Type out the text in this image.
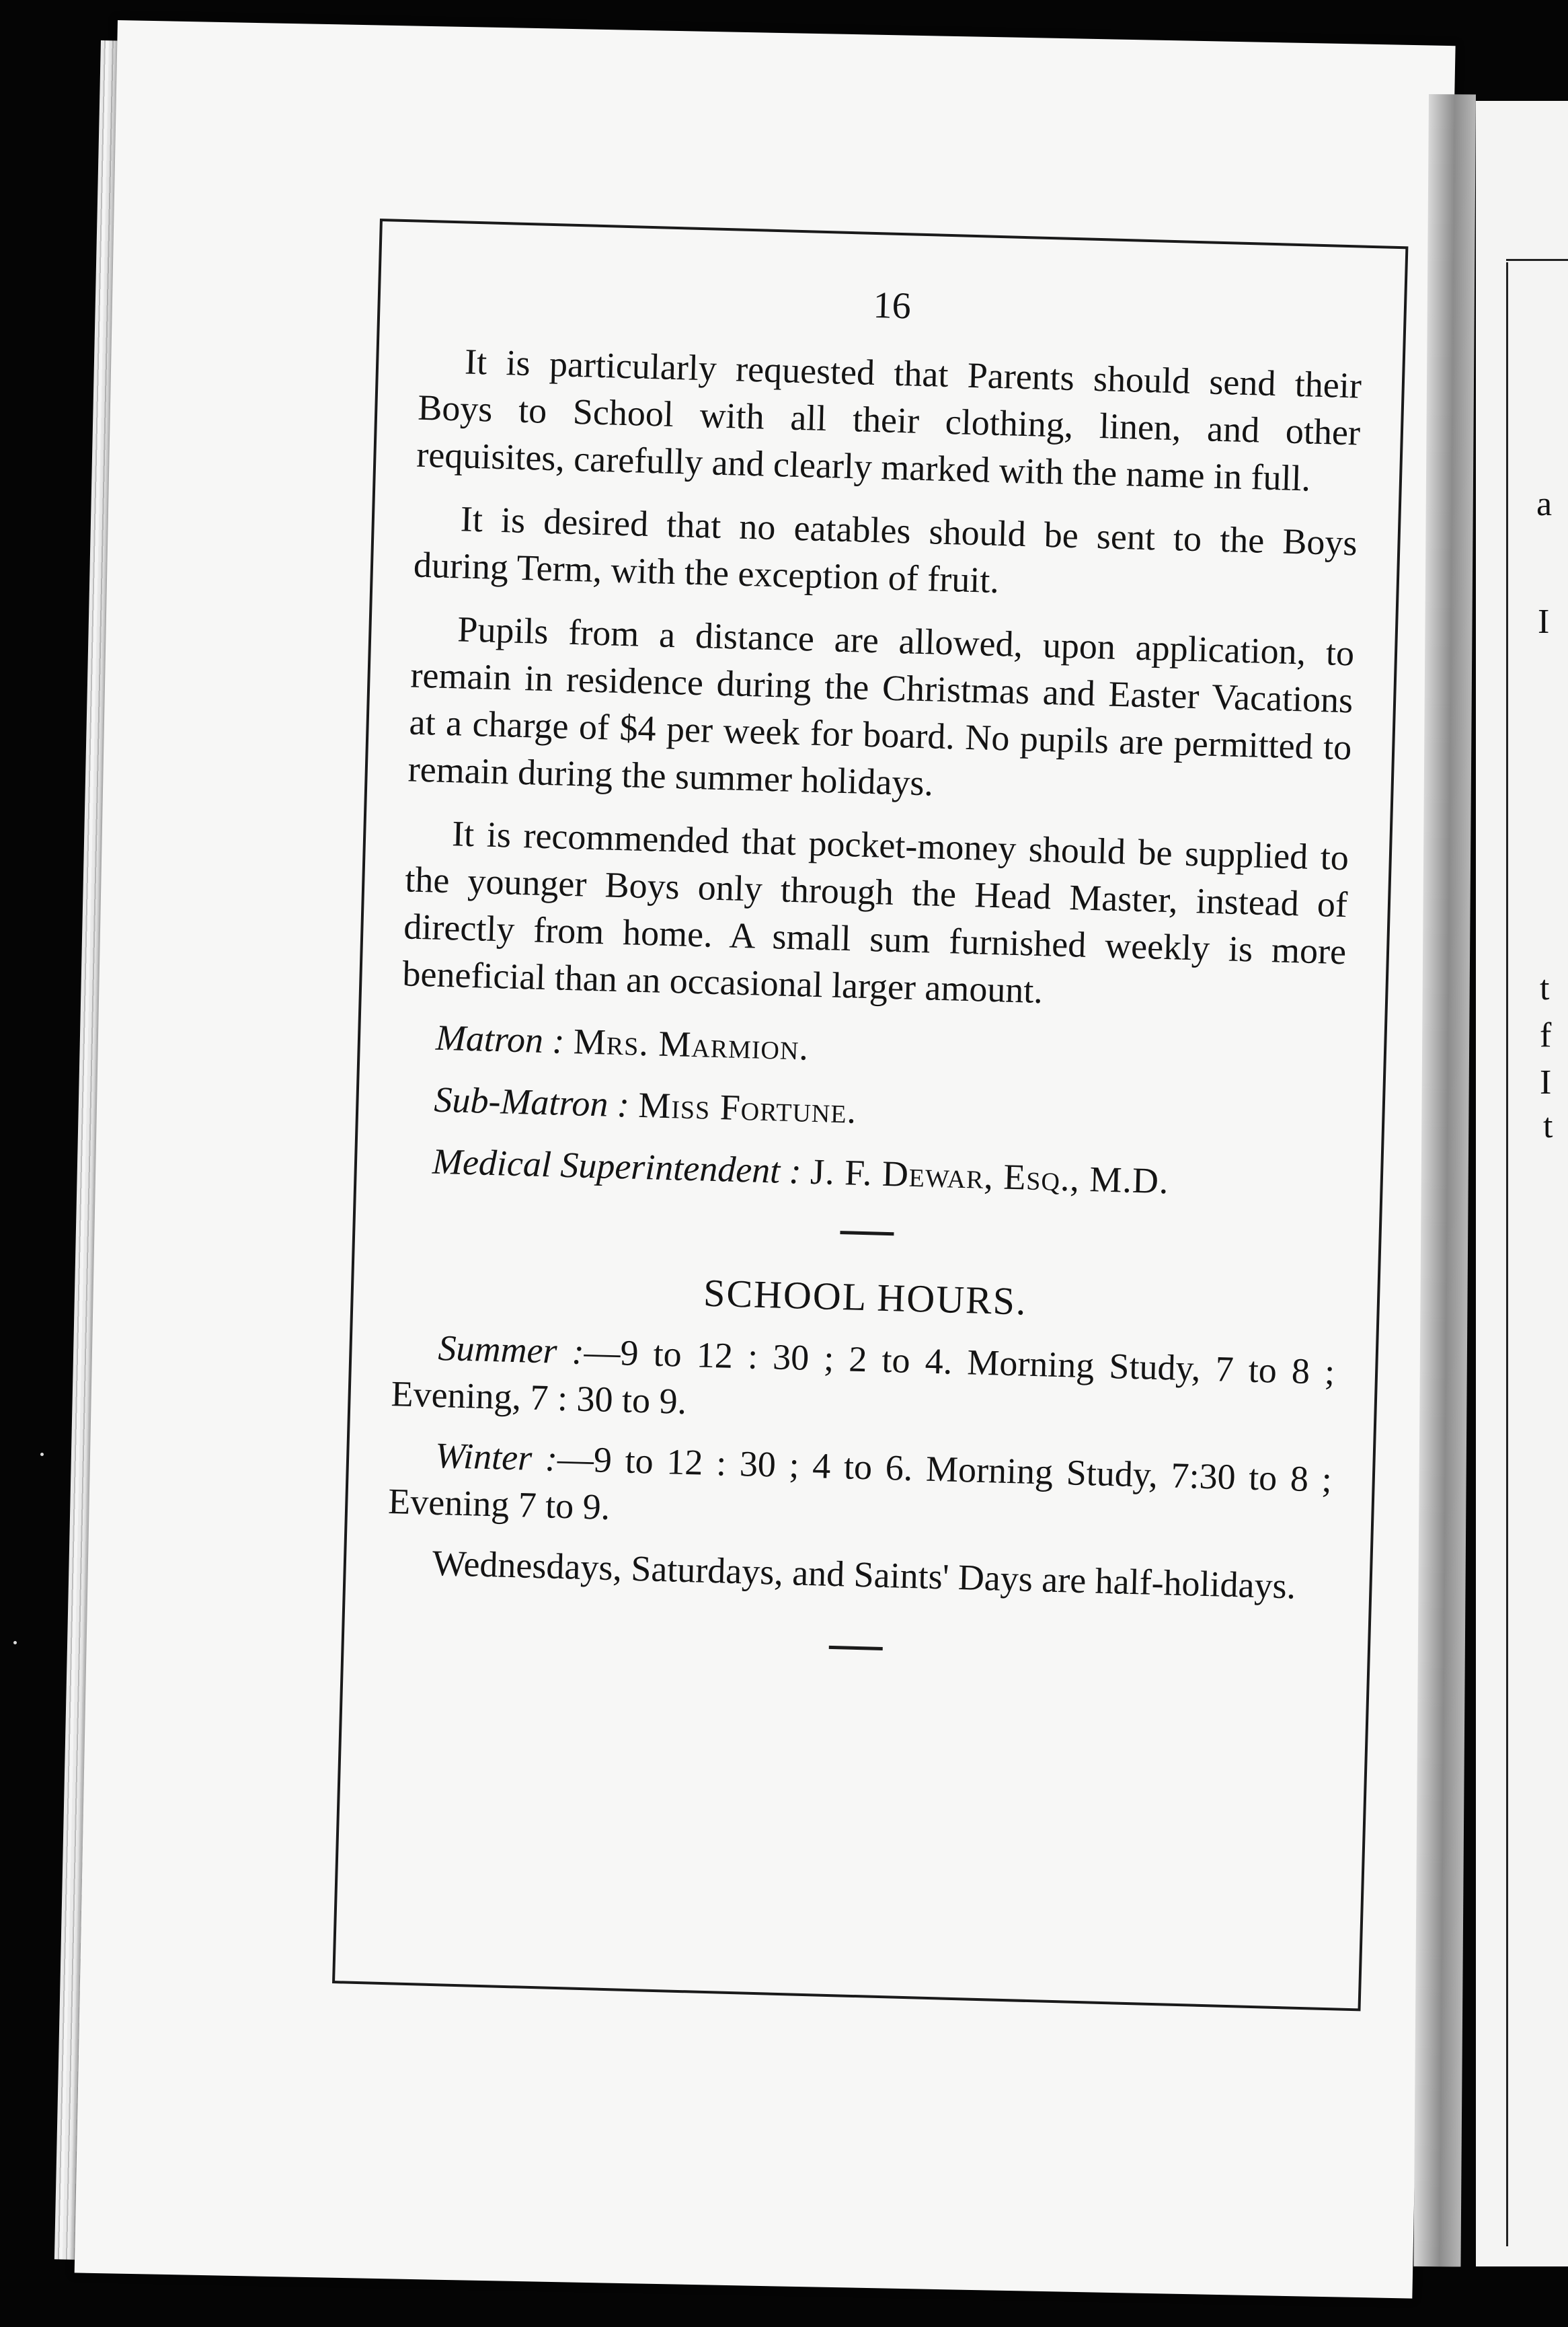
a
I
t
f
I
t
16

It is particularly requested that Parents should send their Boys to School with all their clothing, linen, and other requisites, carefully and clearly marked with the name in full.

It is desired that no eatables should be sent to the Boys during Term, with the exception of fruit.

Pupils from a distance are allowed, upon application, to remain in residence during the Christmas and Easter Vacations at a charge of $4 per week for board. No pupils are permitted to remain during the summer holidays.

It is recommended that pocket-money should be supplied to the younger Boys only through the Head Master, instead of directly from home. A small sum furnished weekly is more beneficial than an occasional larger amount.

Matron : Mrs. Marmion.

Sub-Matron : Miss Fortune.

Medical Superintendent : J. F. Dewar, Esq., M.D.

SCHOOL HOURS.

Summer :—9 to 12 : 30 ; 2 to 4. Morning Study, 7 to 8 ; Evening, 7 : 30 to 9.

Winter :—9 to 12 : 30 ; 4 to 6. Morning Study, 7:30 to 8 ; Evening 7 to 9.

Wednesdays, Saturdays, and Saints' Days are half-holidays.
